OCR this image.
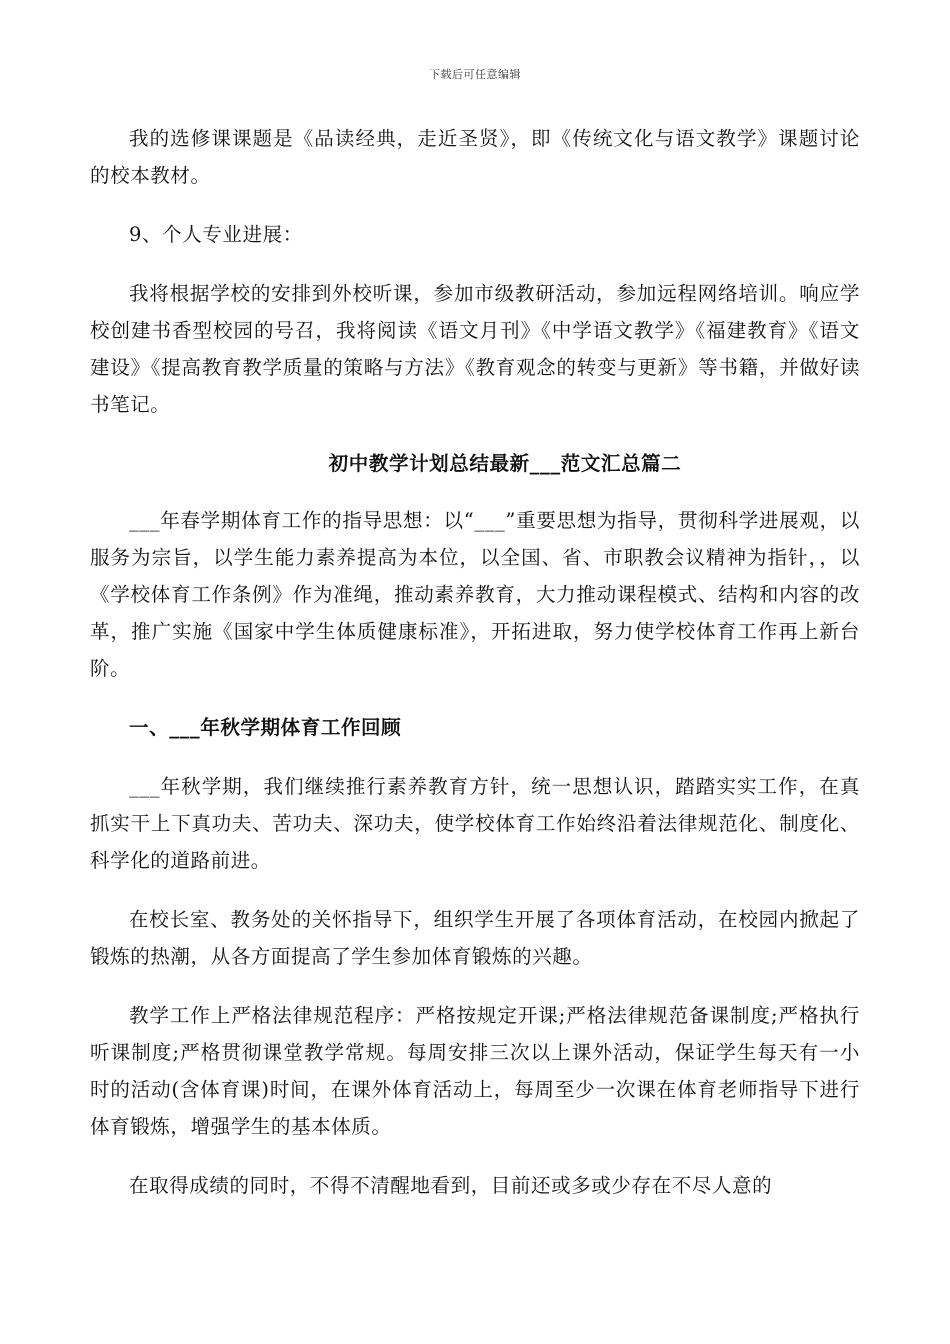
下载后可任意编辑

我的选修课课题是《品读经典，走近圣贤》，即《传统文化与语文教学》课题讨论的校本教材。

9、个人专业进展：

我将根据学校的安排到外校听课，参加市级教研活动，参加远程网络培训。响应学校创建书香型校园的号召，我将阅读《语文月刊》《中学语文教学》《福建教育》《语文建设》《提高教育教学质量的策略与方法》《教育观念的转变与更新》等书籍，并做好读书笔记。

初中教学计划总结最新___范文汇总篇二

___年春学期体育工作的指导思想：以“___”重要思想为指导，贯彻科学进展观，以服务为宗旨，以学生能力素养提高为本位，以全国、省、市职教会议精神为指针，，以《学校体育工作条例》作为准绳，推动素养教育，大力推动课程模式、结构和内容的改革，推广实施《国家中学生体质健康标准》，开拓进取，努力使学校体育工作再上新台阶。

一、___年秋学期体育工作回顾

___年秋学期，我们继续推行素养教育方针，统一思想认识，踏踏实实工作，在真抓实干上下真功夫、苦功夫、深功夫，使学校体育工作始终沿着法律规范化、制度化、科学化的道路前进。

在校长室、教务处的关怀指导下，组织学生开展了各项体育活动，在校园内掀起了锻炼的热潮，从各方面提高了学生参加体育锻炼的兴趣。

教学工作上严格法律规范程序：严格按规定开课;严格法律规范备课制度;严格执行听课制度;严格贯彻课堂教学常规。每周安排三次以上课外活动，保证学生每天有一小时的活动(含体育课)时间，在课外体育活动上，每周至少一次课在体育老师指导下进行体育锻炼，增强学生的基本体质。

在取得成绩的同时，不得不清醒地看到，目前还或多或少存在不尽人意的
